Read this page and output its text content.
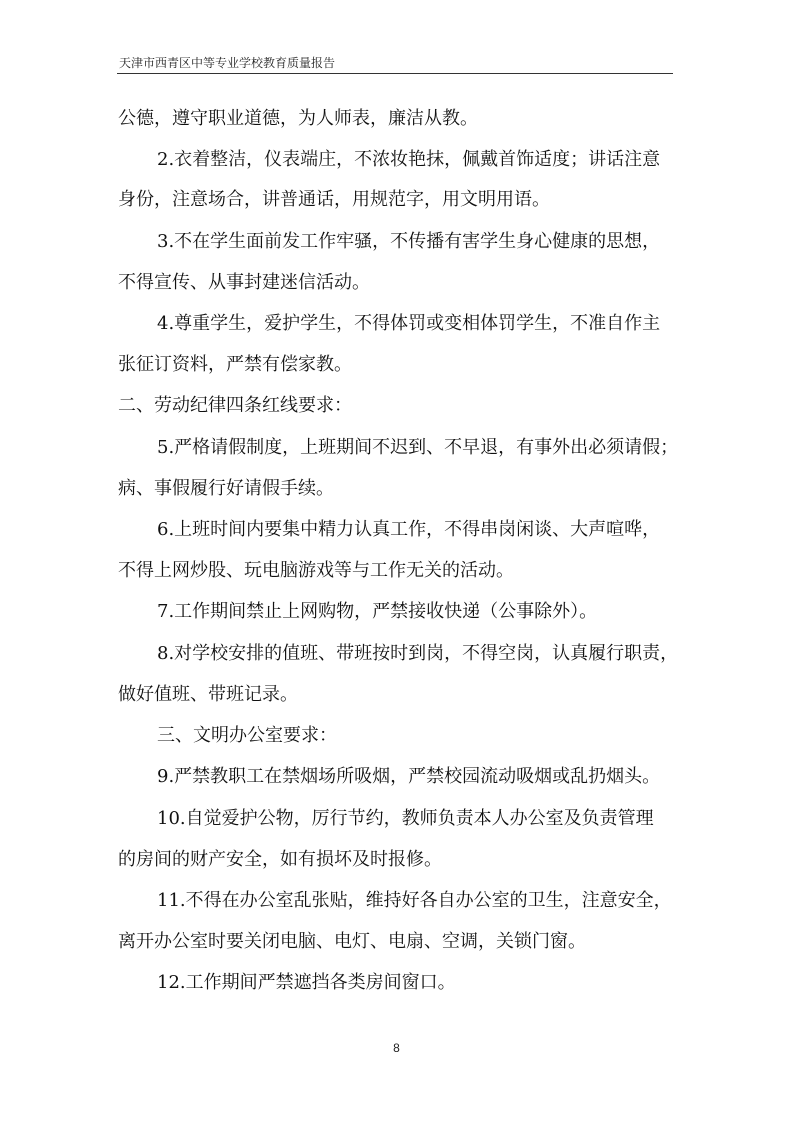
天津市西青区中等专业学校教育质量报告
公德，遵守职业道德，为人师表，廉洁从教。
2.衣着整洁，仪表端庄，不浓妆艳抹，佩戴首饰适度；讲话注意
身份，注意场合，讲普通话，用规范字，用文明用语。
3.不在学生面前发工作牢骚，不传播有害学生身心健康的思想，
不得宣传、从事封建迷信活动。
4.尊重学生，爱护学生，不得体罚或变相体罚学生，不准自作主
张征订资料，严禁有偿家教。
二、劳动纪律四条红线要求：
5.严格请假制度，上班期间不迟到、不早退，有事外出必须请假；
病、事假履行好请假手续。
6.上班时间内要集中精力认真工作，不得串岗闲谈、大声喧哗，
不得上网炒股、玩电脑游戏等与工作无关的活动。
7.工作期间禁止上网购物，严禁接收快递（公事除外）。
8.对学校安排的值班、带班按时到岗，不得空岗，认真履行职责，
做好值班、带班记录。
三、文明办公室要求：
9.严禁教职工在禁烟场所吸烟，严禁校园流动吸烟或乱扔烟头。
10.自觉爱护公物，厉行节约，教师负责本人办公室及负责管理
的房间的财产安全，如有损坏及时报修。
11.不得在办公室乱张贴，维持好各自办公室的卫生，注意安全，
离开办公室时要关闭电脑、电灯、电扇、空调，关锁门窗。
12.工作期间严禁遮挡各类房间窗口。
8
